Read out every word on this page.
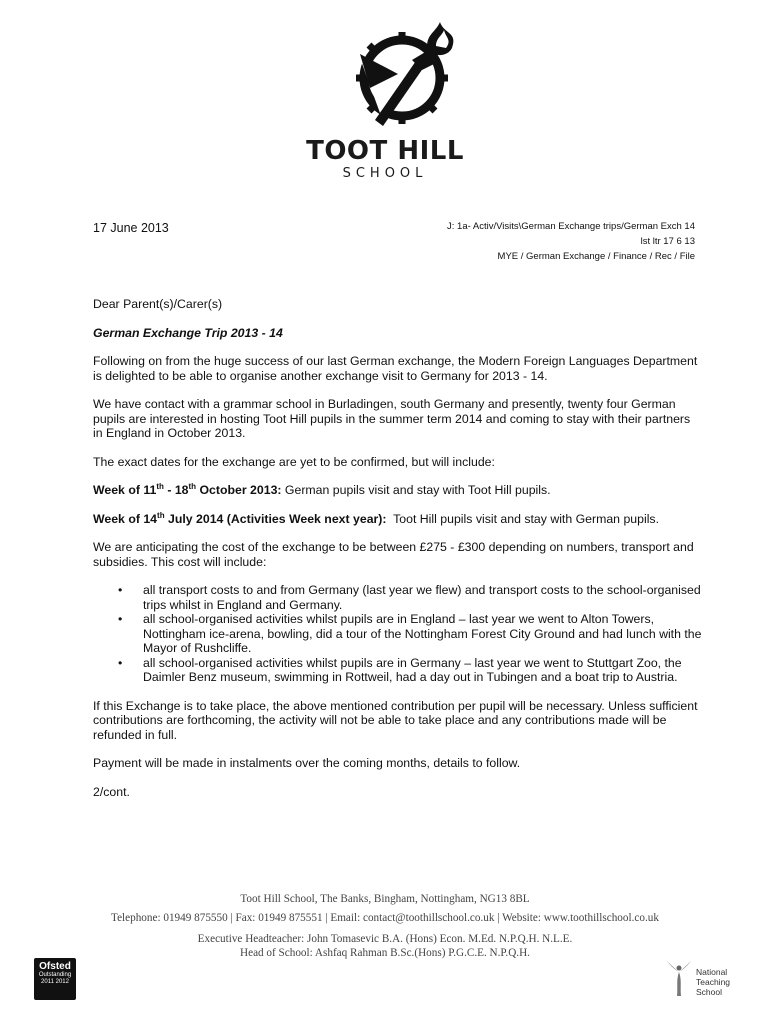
TOOT HILL
SCHOOL
17 June 2013	J: 1a- Activ/Visits\German Exchange trips/German Exch 14
lst ltr 17 6 13
MYE / German Exchange / Finance / Rec / File

Dear Parent(s)/Carer(s)

German Exchange Trip 2013 - 14

Following on from the huge success of our last German exchange, the Modern Foreign Languages Department is delighted to be able to organise another exchange visit to Germany for 2013 - 14.

We have contact with a grammar school in Burladingen, south Germany and presently, twenty four German pupils are interested in hosting Toot Hill pupils in the summer term 2014 and coming to stay with their partners in England in October 2013.

The exact dates for the exchange are yet to be confirmed, but will include:

Week of 11th - 18th October 2013: German pupils visit and stay with Toot Hill pupils.

Week of 14th July 2014 (Activities Week next year):  Toot Hill pupils visit and stay with German pupils.

We are anticipating the cost of the exchange to be between £275 - £300 depending on numbers, transport and subsidies. This cost will include:

• all transport costs to and from Germany (last year we flew) and transport costs to the school-organised trips whilst in England and Germany.
• all school-organised activities whilst pupils are in England – last year we went to Alton Towers, Nottingham ice-arena, bowling, did a tour of the Nottingham Forest City Ground and had lunch with the Mayor of Rushcliffe.
• all school-organised activities whilst pupils are in Germany – last year we went to Stuttgart Zoo, the Daimler Benz museum, swimming in Rottweil, had a day out in Tubingen and a boat trip to Austria.

If this Exchange is to take place, the above mentioned contribution per pupil will be necessary. Unless sufficient contributions are forthcoming, the activity will not be able to take place and any contributions made will be refunded in full.

Payment will be made in instalments over the coming months, details to follow.

2/cont.

Toot Hill School, The Banks, Bingham, Nottingham, NG13 8BL
Telephone: 01949 875550 | Fax: 01949 875551 | Email: contact@toothillschool.co.uk | Website: www.toothillschool.co.uk
Executive Headteacher: John Tomasevic B.A. (Hons) Econ. M.Ed. N.P.Q.H. N.L.E.
Head of School: Ashfaq Rahman B.Sc.(Hons) P.G.C.E. N.P.Q.H.
Ofsted
Outstanding
2011 2012
National
Teaching
School
